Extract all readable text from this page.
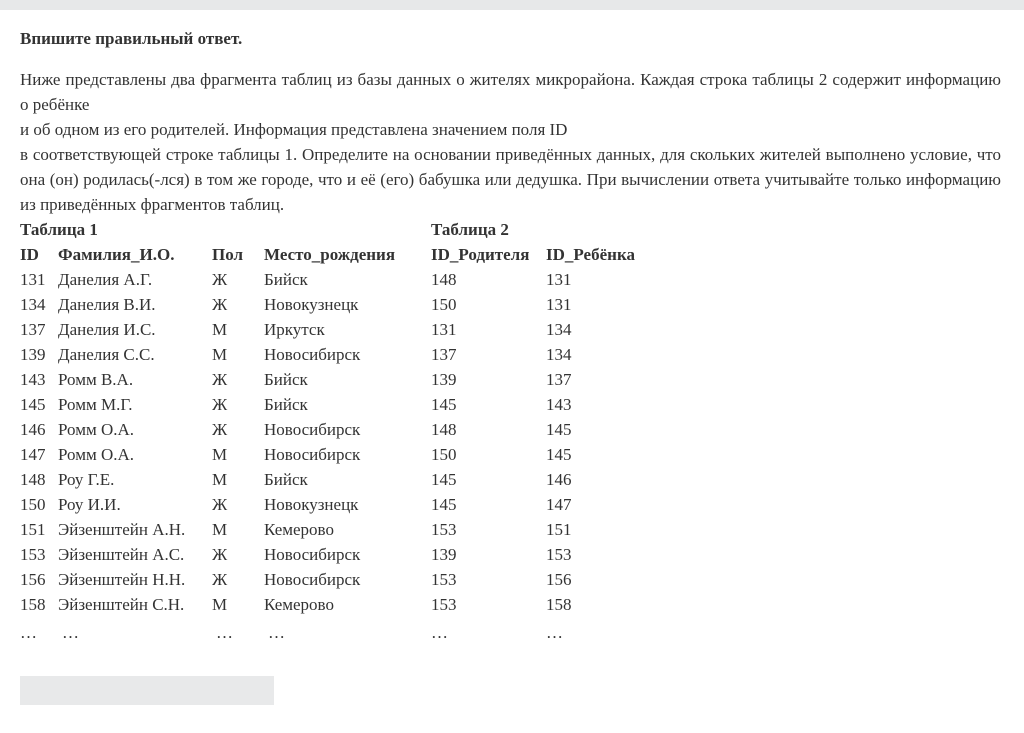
Впишите правильный ответ.

Ниже представлены два фрагмента таблиц из базы данных о жителях микрорайона. Каждая строка таблицы 2 содержит информацию о ребёнке

и об одном из его родителей. Информация представлена значением поля ID

в соответствующей строке таблицы 1. Определите на основании приведённых данных, для скольких жителей выполнено условие, что она (он) родилась(-лся) в том же городе, что и её (его) бабушка или дедушка. При вычислении ответа учитывайте только информацию из приведённых фрагментов таблиц.

Таблица 1	Таблица 2
ID Фамилия_И.О. Пол Место_рождения
131 Данелия А.Г.	Ж Бийск
134 Данелия В.И.	Ж Новокузнецк
137 Данелия И.С.	М Иркутск
139 Данелия С.С.	М Новосибирск
143 Ромм В.А.	Ж Бийск
145 Ромм М.Г.	Ж Бийск
146 Ромм О.А.	Ж Новосибирск
147 Ромм О.А.	М Новосибирск
148 Роу Г.Е.	М Бийск
150 Роу И.И.	Ж Новокузнецк
151 Эйзенштейн А.Н. М Кемерово
153 Эйзенштейн А.С. Ж Новосибирск
156 Эйзенштейн Н.Н. Ж Новосибирск
158 Эйзенштейн С.Н. М Кемерово
… …	… …
ID_Родителя ID_Ребёнка
148	131
150	131
131	134
137	134
139	137
145	143
148	145
150	145
145	146
145	147
153	151
139	153
153	156
153	158
…	…
